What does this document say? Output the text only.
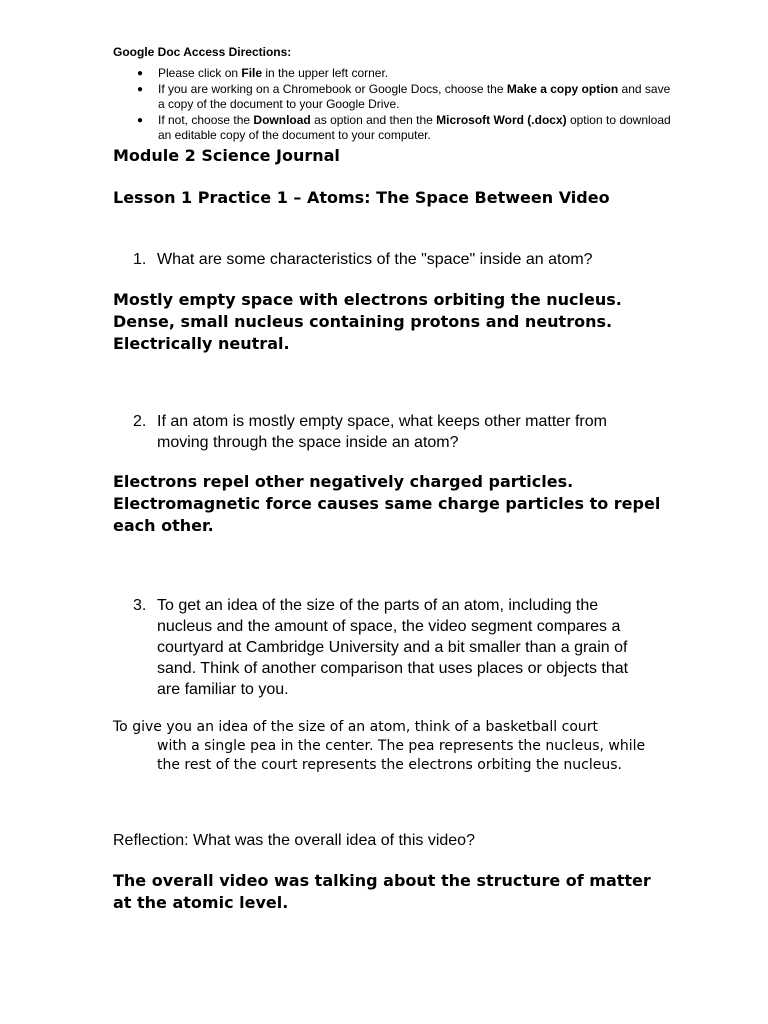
Google Doc Access Directions:

● Please click on File in the upper left corner.
● If you are working on a Chromebook or Google Docs, choose the Make a copy option and save a copy of the document to your Google Drive.
● If not, choose the Download as option and then the Microsoft Word (.docx) option to download an editable copy of the document to your computer.
Module 2 Science Journal
Lesson 1 Practice 1 – Atoms: The Space Between Video
1. What are some characteristics of the "space" inside an atom?
Mostly empty space with electrons orbiting the nucleus.
Dense, small nucleus containing protons and neutrons.
Electrically neutral.
2. If an atom is mostly empty space, what keeps other matter from moving through the space inside an atom?
Electrons repel other negatively charged particles.
Electromagnetic force causes same charge particles to repel
each other.
3. To get an idea of the size of the parts of an atom, including the nucleus and the amount of space, the video segment compares a courtyard at Cambridge University and a bit smaller than a grain of sand. Think of another comparison that uses places or objects that are familiar to you.
To give you an idea of the size of an atom, think of a basketball court
with a single pea in the center. The pea represents the nucleus, while the rest of the court represents the electrons orbiting the nucleus.
Reflection: What was the overall idea of this video?
The overall video was talking about the structure of matter
at the atomic level.
